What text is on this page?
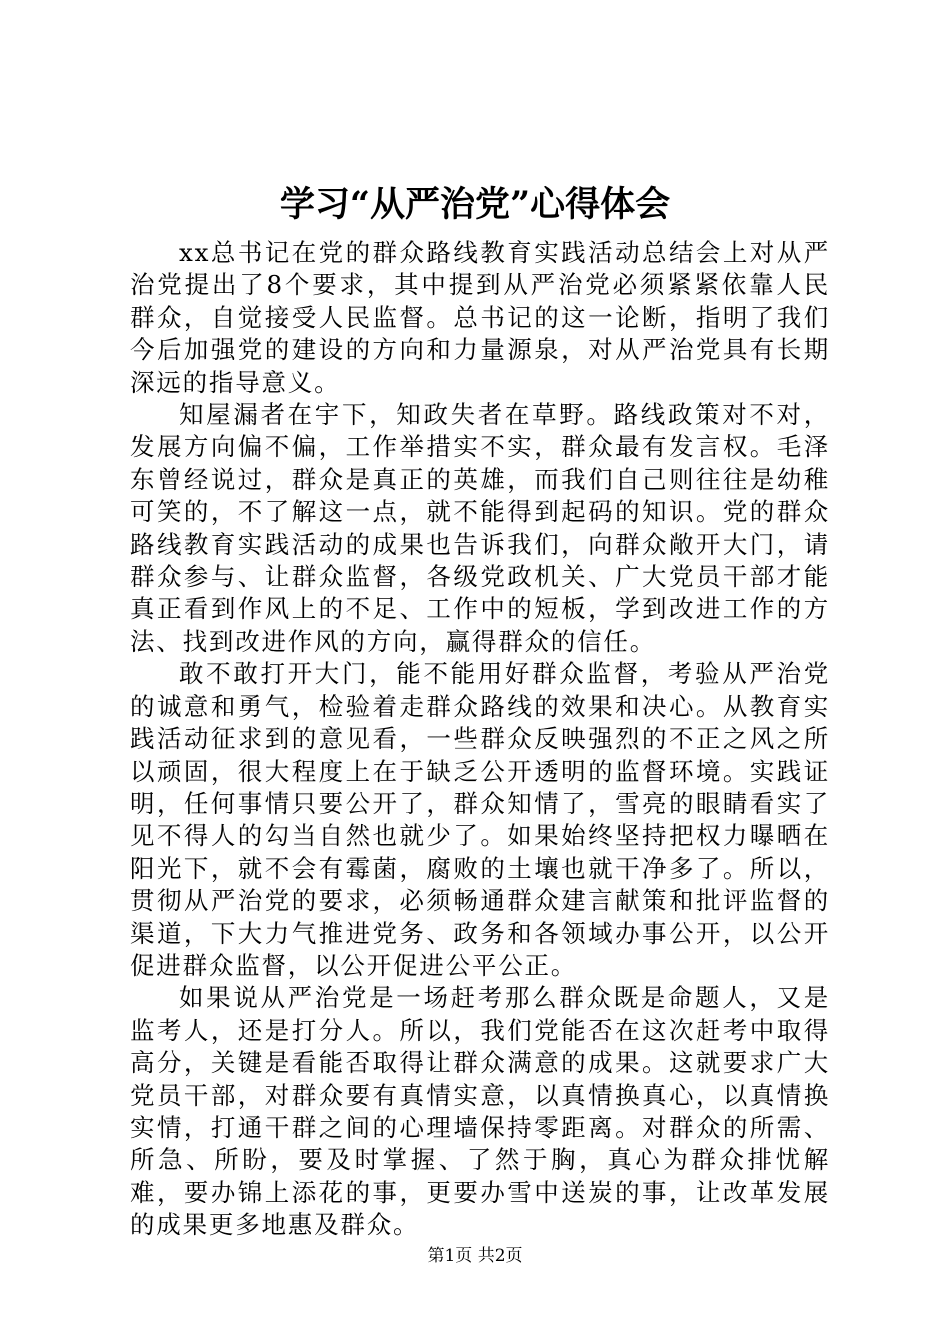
学习“从严治党”心得体会

xx总书记在党的群众路线教育实践活动总结会上对从严治党提出了8个要求，其中提到从严治党必须紧紧依靠人民群众，自觉接受人民监督。总书记的这一论断，指明了我们今后加强党的建设的方向和力量源泉，对从严治党具有长期深远的指导意义。

知屋漏者在宇下，知政失者在草野。路线政策对不对，发展方向偏不偏，工作举措实不实，群众最有发言权。毛泽东曾经说过，群众是真正的英雄，而我们自己则往往是幼稚可笑的，不了解这一点，就不能得到起码的知识。党的群众路线教育实践活动的成果也告诉我们，向群众敞开大门，请群众参与、让群众监督，各级党政机关、广大党员干部才能真正看到作风上的不足、工作中的短板，学到改进工作的方法、找到改进作风的方向，赢得群众的信任。

敢不敢打开大门，能不能用好群众监督，考验从严治党的诚意和勇气，检验着走群众路线的效果和决心。从教育实践活动征求到的意见看，一些群众反映强烈的不正之风之所以顽固，很大程度上在于缺乏公开透明的监督环境。实践证明，任何事情只要公开了，群众知情了，雪亮的眼睛看实了见不得人的勾当自然也就少了。如果始终坚持把权力曝晒在阳光下，就不会有霉菌，腐败的土壤也就干净多了。所以，贯彻从严治党的要求，必须畅通群众建言献策和批评监督的渠道，下大力气推进党务、政务和各领域办事公开，以公开促进群众监督，以公开促进公平公正。

如果说从严治党是一场赶考那么群众既是命题人，又是监考人，还是打分人。所以，我们党能否在这次赶考中取得高分，关键是看能否取得让群众满意的成果。这就要求广大党员干部，对群众要有真情实意，以真情换真心，以真情换实情，打通干群之间的心理墙保持零距离。对群众的所需、所急、所盼，要及时掌握、了然于胸，真心为群众排忧解难，要办锦上添花的事，更要办雪中送炭的事，让改革发展的成果更多地惠及群众。

第1页 共2页
